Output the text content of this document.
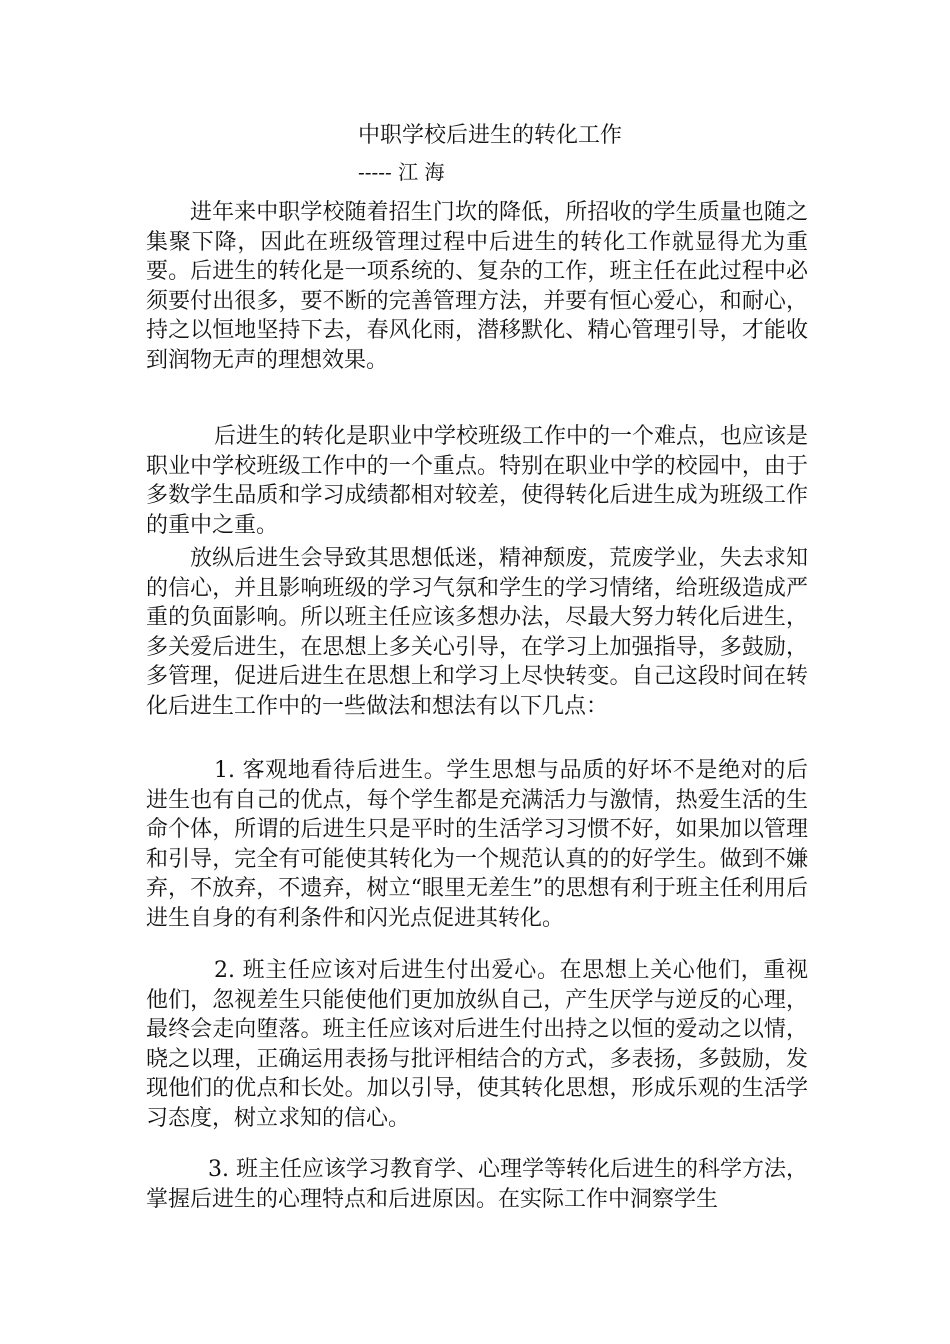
中职学校后进生的转化工作
----- 江 海

进年来中职学校随着招生门坎的降低，所招收的学生质量也随之集聚下降，因此在班级管理过程中后进生的转化工作就显得尤为重要。后进生的转化是一项系统的、复杂的工作，班主任在此过程中必须要付出很多，要不断的完善管理方法，并要有恒心爱心，和耐心，持之以恒地坚持下去，春风化雨，潜移默化、精心管理引导，才能收到润物无声的理想效果。

后进生的转化是职业中学校班级工作中的一个难点，也应该是职业中学校班级工作中的一个重点。特别在职业中学的校园中，由于多数学生品质和学习成绩都相对较差，使得转化后进生成为班级工作的重中之重。

放纵后进生会导致其思想低迷，精神颓废，荒废学业，失去求知的信心，并且影响班级的学习气氛和学生的学习情绪，给班级造成严重的负面影响。所以班主任应该多想办法，尽最大努力转化后进生，多关爱后进生，在思想上多关心引导，在学习上加强指导，多鼓励，多管理，促进后进生在思想上和学习上尽快转变。自己这段时间在转化后进生工作中的一些做法和想法有以下几点：

1. 客观地看待后进生。学生思想与品质的好坏不是绝对的后进生也有自己的优点，每个学生都是充满活力与激情，热爱生活的生命个体，所谓的后进生只是平时的生活学习习惯不好，如果加以管理和引导，完全有可能使其转化为一个规范认真的的好学生。做到不嫌弃，不放弃，不遗弃，树立“眼里无差生”的思想有利于班主任利用后进生自身的有利条件和闪光点促进其转化。

2. 班主任应该对后进生付出爱心。在思想上关心他们，重视他们，忽视差生只能使他们更加放纵自己，产生厌学与逆反的心理，最终会走向堕落。班主任应该对后进生付出持之以恒的爱动之以情，晓之以理，正确运用表扬与批评相结合的方式，多表扬，多鼓励，发现他们的优点和长处。加以引导，使其转化思想，形成乐观的生活学习态度，树立求知的信心。

3. 班主任应该学习教育学、心理学等转化后进生的科学方法，掌握后进生的心理特点和后进原因。在实际工作中洞察学生
